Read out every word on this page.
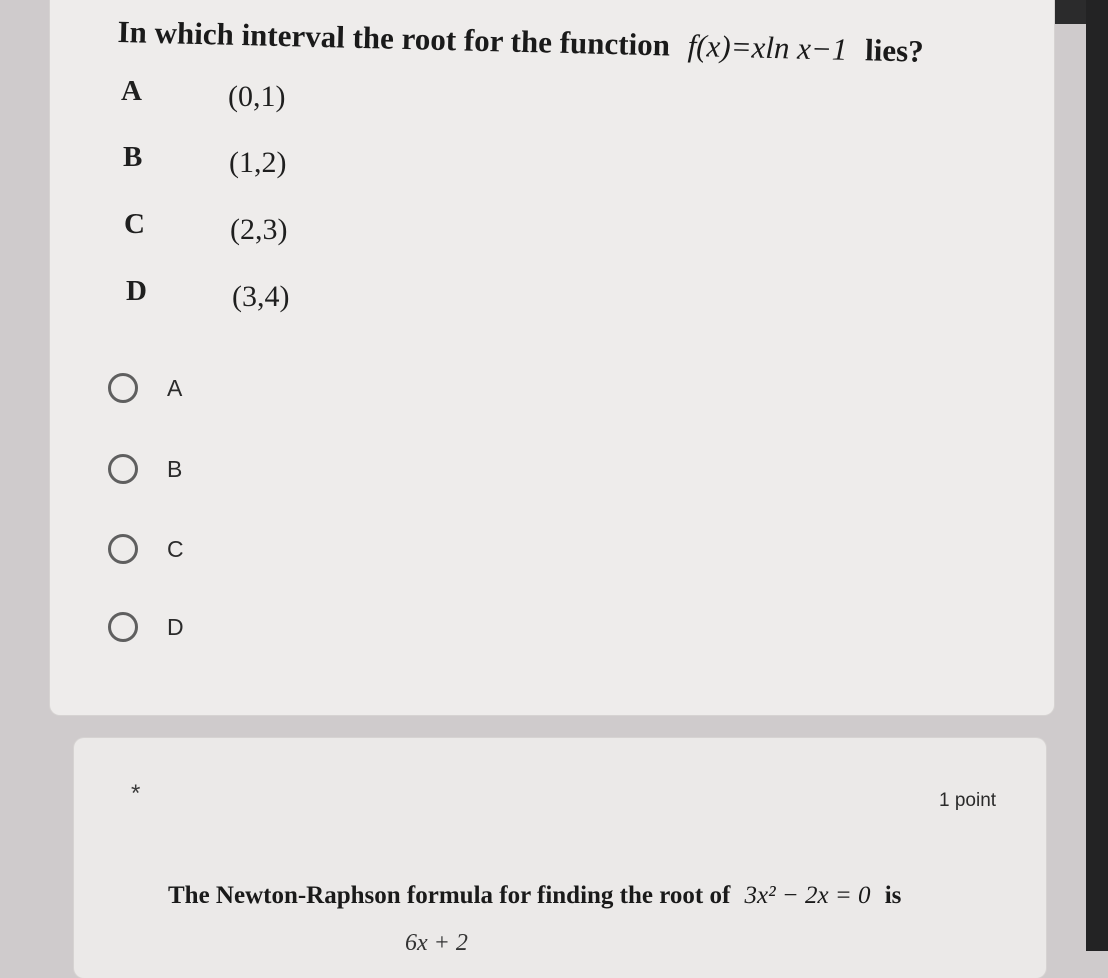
In which interval the root for the function f(x)=xln x−1 lies?
A	(0,1)
B	(1,2)
C	(2,3)
D	(3,4)
A
B
C
D
*	1 point
The Newton-Raphson formula for finding the root of 3x² − 2x = 0 is
6x + 2
